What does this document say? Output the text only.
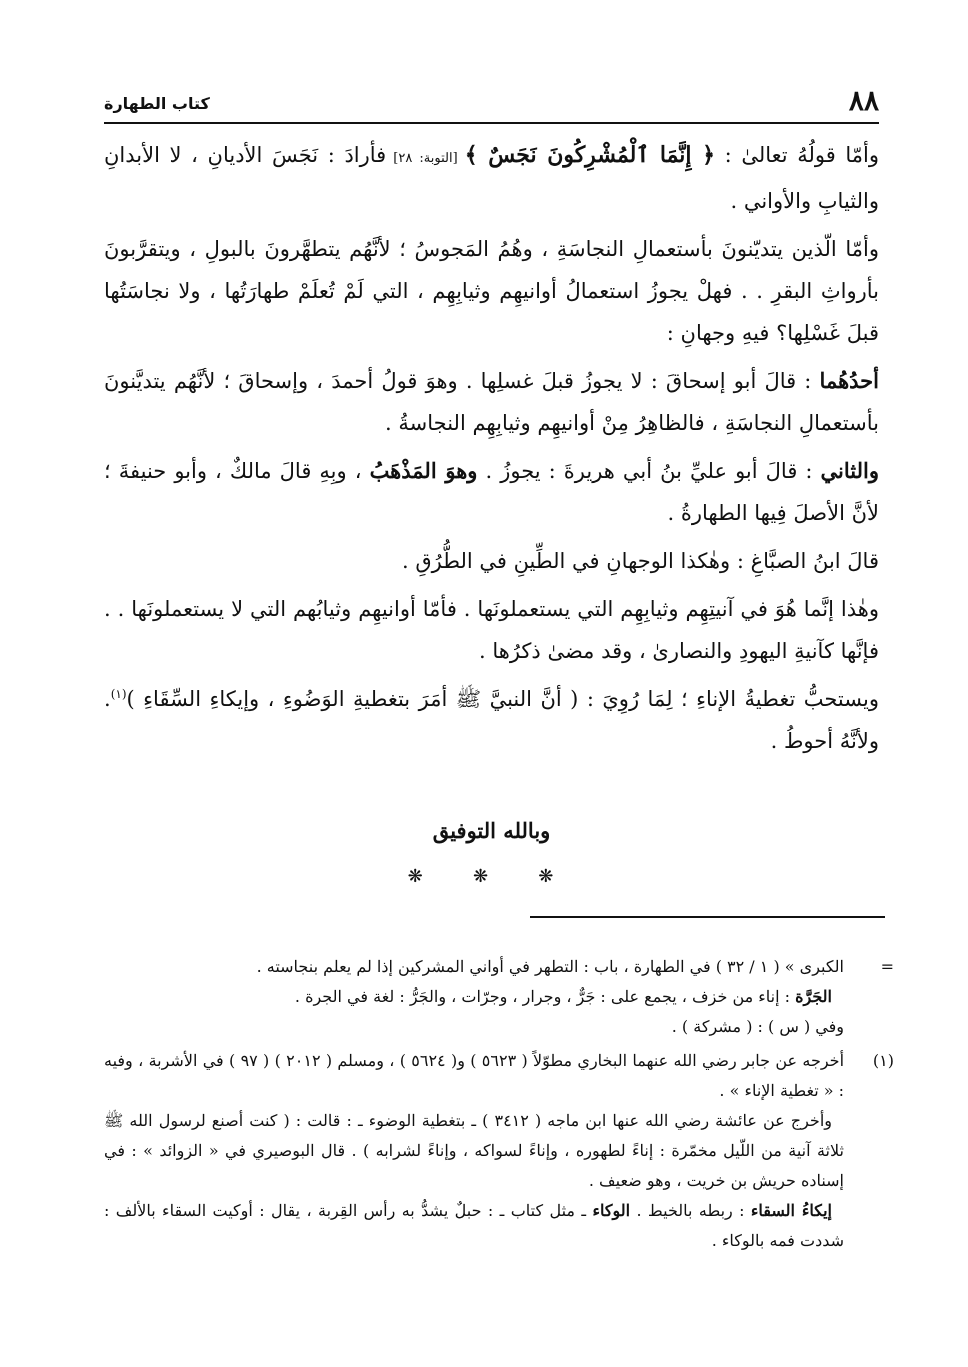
٨٨
كتاب الطهارة

وأمّا قولُهُ تعالىٰ : ﴿ إِنَّمَا ٱلْمُشْرِكُونَ نَجَسٌ ﴾ [التوبة: ٢٨] فأرادَ : نَجَسَ الأديانِ ، لا الأبدانِ والثيابِ والأواني .

وأمّا الّذين يتديّنونَ بأستعمالِ النجاسَةِ ، وهُمُ المَجوسُ ؛ لأنَّهُم يتطهَّرونَ بالبولِ ، ويتقرَّبونَ بأرواثِ البقرِ . . فهلْ يجوزُ استعمالُ أوانيهِم وثيابِهِم ، التي لَمْ تُعلَمْ طهارَتُها ، ولا نجاسَتُها قبلَ غَسْلِها؟ فيهِ وجهانِ :

أحدُهُما : قالَ أبو إسحاقَ : لا يجوزُ قبلَ غسلِها . وهوَ قولُ أحمدَ ، وإسحاقَ ؛ لأنَّهُم يتديَّنونَ بأستعمالِ النجاسَةِ ، فالظاهِرُ مِنْ أوانيهِم وثيابِهِم النجاسةُ .

والثاني : قالَ أبو عليِّ بنُ أبي هريرةَ : يجوزُ . وهوَ المَذْهَبُ ، وبِهِ قالَ مالكٌ ، وأبو حنيفةَ ؛ لأنَّ الأصلَ فِيها الطهارةُ .

قالَ ابنُ الصبَّاغِ : وهٰكذا الوجهانِ في الطِّينِ في الطُّرُقِ .

وهٰذا إنَّما هُوَ في آنيتِهِم وثيابِهِم التي يستعملونَها . فأمّا أوانيهِم وثيابُهم التي لا يستعملونَها . . فإنَّها كآنيةِ اليهودِ والنصارىٰ ، وقد مضىٰ ذكرُها .

ويستحبُّ تغطيةُ الإناءِ ؛ لِمَا رُوِيَ : ( أنَّ النبيَّ ﷺ أمَرَ بتغطيةِ الوَضُوءِ ، وإيكاءِ السِّقَاءِ )$^{(١)}$. ولأنَّهُ أحوطُ .

وبالله التوفيق
❋ ❋ ❋
=

الكبرى » ( ١ / ٣٢ ) في الطهارة ، باب : التطهر في أواني المشركين إذا لم يعلم بنجاسته .

الجَرَّة : إناء من خزف ، يجمع على : جَرٌّ ، وجرار ، وجرّات ، والجَرُّ : لغة في الجرة .

وفي ( س ) : ( مشركة ) .

(١)

أخرجه عن جابر رضي الله عنهما البخاري مطوّلاً ( ٥٦٢٣ ) و( ٥٦٢٤ ) ، ومسلم ( ٢٠١٢ ) ( ٩٧ ) في الأشربة ، وفيه : « تغطية الإناء » .

وأخرج عن عائشة رضي الله عنها ابن ماجه ( ٣٤١٢ ) ـ بتغطية الوضوء ـ : قالت : ( كنت أصنع لرسول الله ﷺ ثلاثة آنية من اللّيل مخمّرة : إناءً لطهوره ، وإناءً لسواكه ، وإناءً لشرابه ) . قال البوصيري في « الزوائد » : في إسناده حريش بن خريت ، وهو ضعيف .

إيكاءُ السقاء : ربطه بالخيط . الوكاء ـ مثل كتاب ـ : حبلٌ يشدُّ به رأس القِربة ، يقال : أوكيت السقاء بالألف : شددت فمه بالوكاء .
